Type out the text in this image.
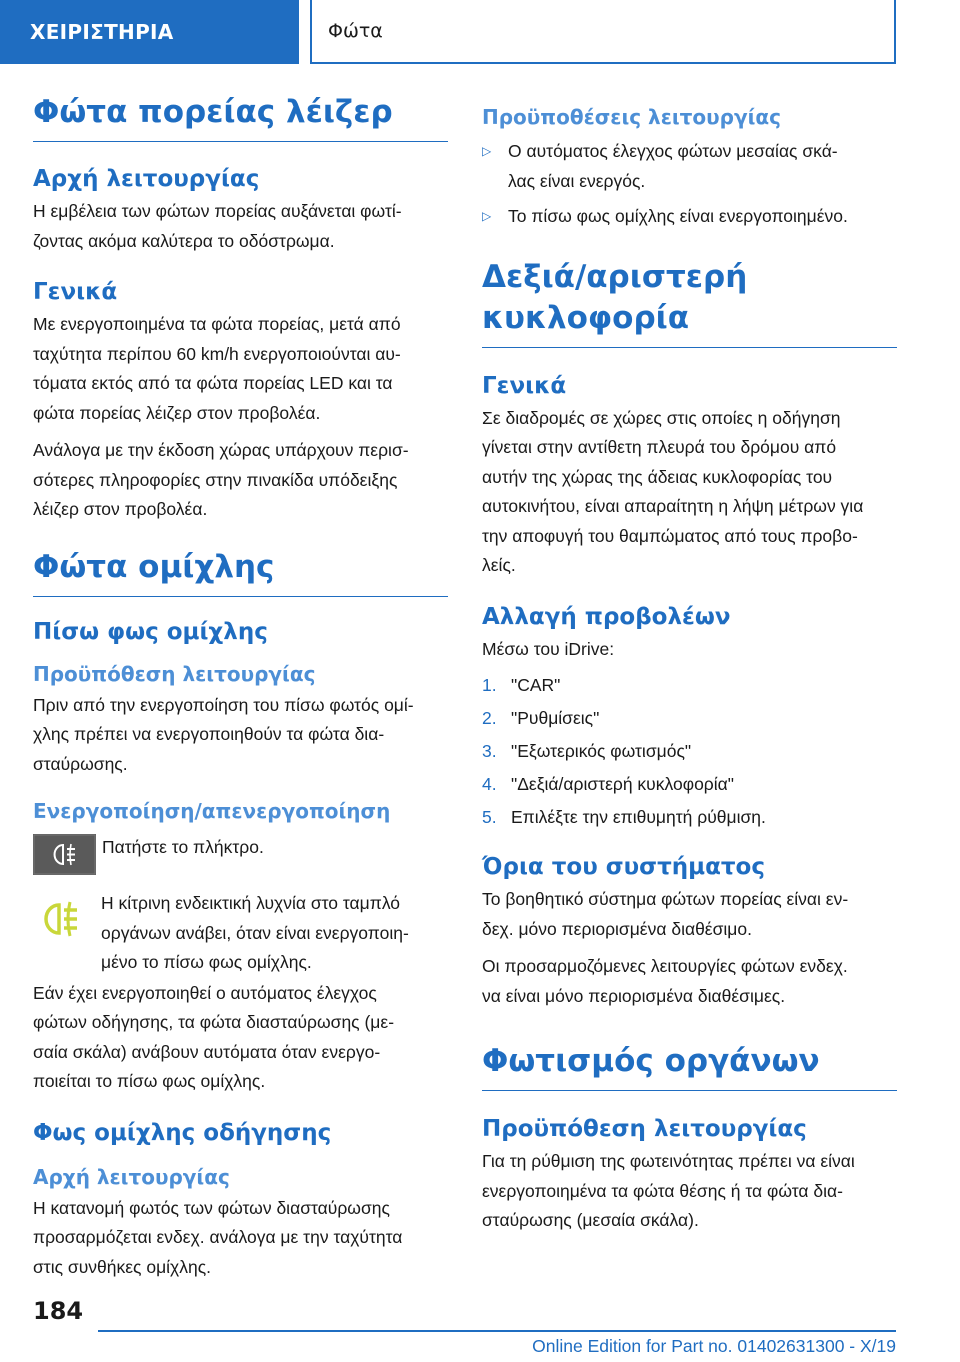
ΧΕΙΡΙΣΤΗΡΙΑ	Φώτα
Φώτα πορείας λέιζερ
Αρχή λειτουργίας
Η εμβέλεια των φώτων πορείας αυξάνεται φωτί-
ζοντας ακόμα καλύτερα το οδόστρωμα.
Γενικά
Με ενεργοποιημένα τα φώτα πορείας, μετά από
ταχύτητα περίπου 60 km/h ενεργοποιούνται αυ-
τόματα εκτός από τα φώτα πορείας LED και τα
φώτα πορείας λέιζερ στον προβολέα.
Ανάλογα με την έκδοση χώρας υπάρχουν περισ-
σότερες πληροφορίες στην πινακίδα υπόδειξης
λέιζερ στον προβολέα.
Φώτα ομίχλης
Πίσω φως ομίχλης
Προϋπόθεση λειτουργίας
Πριν από την ενεργοποίηση του πίσω φωτός ομί-
χλης πρέπει να ενεργοποιηθούν τα φώτα δια-
σταύρωσης.
Ενεργοποίηση/απενεργοποίηση
Πατήστε το πλήκτρο.
Η κίτρινη ενδεικτική λυχνία στο ταμπλό
οργάνων ανάβει, όταν είναι ενεργοποιη-
μένο το πίσω φως ομίχλης.
Εάν έχει ενεργοποιηθεί ο αυτόματος έλεγχος
φώτων οδήγησης, τα φώτα διασταύρωσης (με-
σαία σκάλα) ανάβουν αυτόματα όταν ενεργο-
ποιείται το πίσω φως ομίχλης.
Φως ομίχλης οδήγησης
Αρχή λειτουργίας
Η κατανομή φωτός των φώτων διασταύρωσης
προσαρμόζεται ενδεχ. ανάλογα με την ταχύτητα
στις συνθήκες ομίχλης.
Προϋποθέσεις λειτουργίας
▷ Ο αυτόματος έλεγχος φώτων μεσαίας σκά-
λας είναι ενεργός.
▷ Το πίσω φως ομίχλης είναι ενεργοποιημένο.
Δεξιά/αριστερή
κυκλοφορία
Γενικά
Σε διαδρομές σε χώρες στις οποίες η οδήγηση
γίνεται στην αντίθετη πλευρά του δρόμου από
αυτήν της χώρας της άδειας κυκλοφορίας του
αυτοκινήτου, είναι απαραίτητη η λήψη μέτρων για
την αποφυγή του θαμπώματος από τους προβο-
λείς.
Αλλαγή προβολέων
Μέσω του iDrive:
1. "CAR"
2. "Ρυθμίσεις"
3. "Εξωτερικός φωτισμός"
4. "Δεξιά/αριστερή κυκλοφορία"
5. Επιλέξτε την επιθυμητή ρύθμιση.
Όρια του συστήματος
Το βοηθητικό σύστημα φώτων πορείας είναι εν-
δεχ. μόνο περιορισμένα διαθέσιμο.
Οι προσαρμοζόμενες λειτουργίες φώτων ενδεχ.
να είναι μόνο περιορισμένα διαθέσιμες.
Φωτισμός οργάνων
Προϋπόθεση λειτουργίας
Για τη ρύθμιση της φωτεινότητας πρέπει να είναι
ενεργοποιημένα τα φώτα θέσης ή τα φώτα δια-
σταύρωσης (μεσαία σκάλα).
184
Online Edition for Part no. 01402631300 - X/19
